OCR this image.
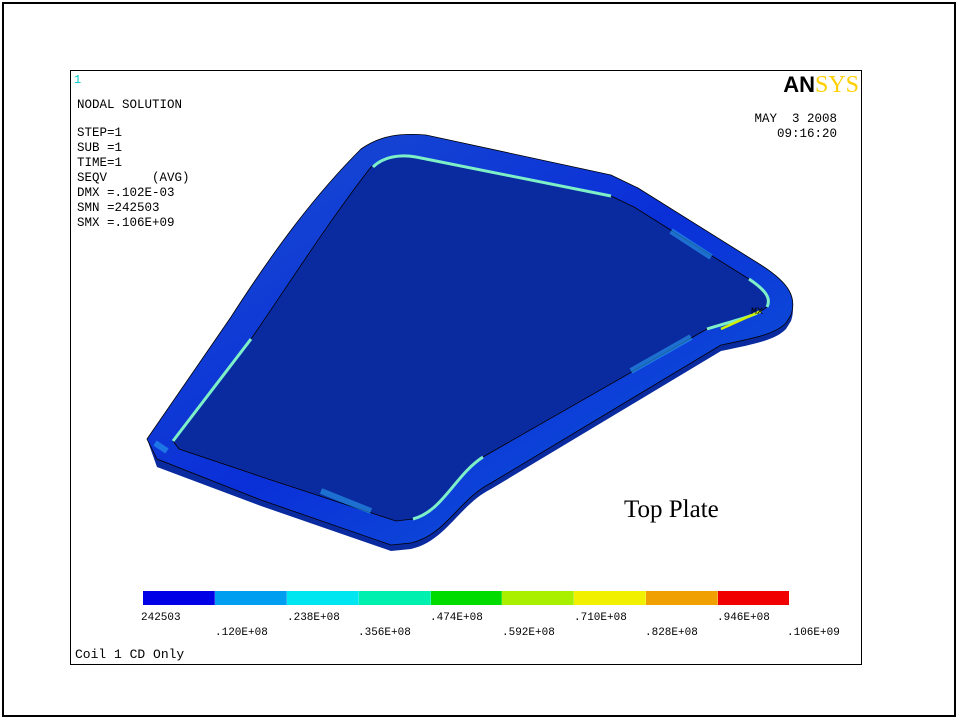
1	ANSYS
NODAL SOLUTION
STEP=1
SUB =1
TIME=1
SEQV      (AVG)
DMX =.102E-03
SMN =242503
SMX =.106E+09
MAY  3 2008
09:16:20
MX
Top Plate
242503	.238E+08	.474E+08	.710E+08	.946E+08
.120E+08	.356E+08	.592E+08	.828E+08	.106E+09
Coil 1 CD Only
